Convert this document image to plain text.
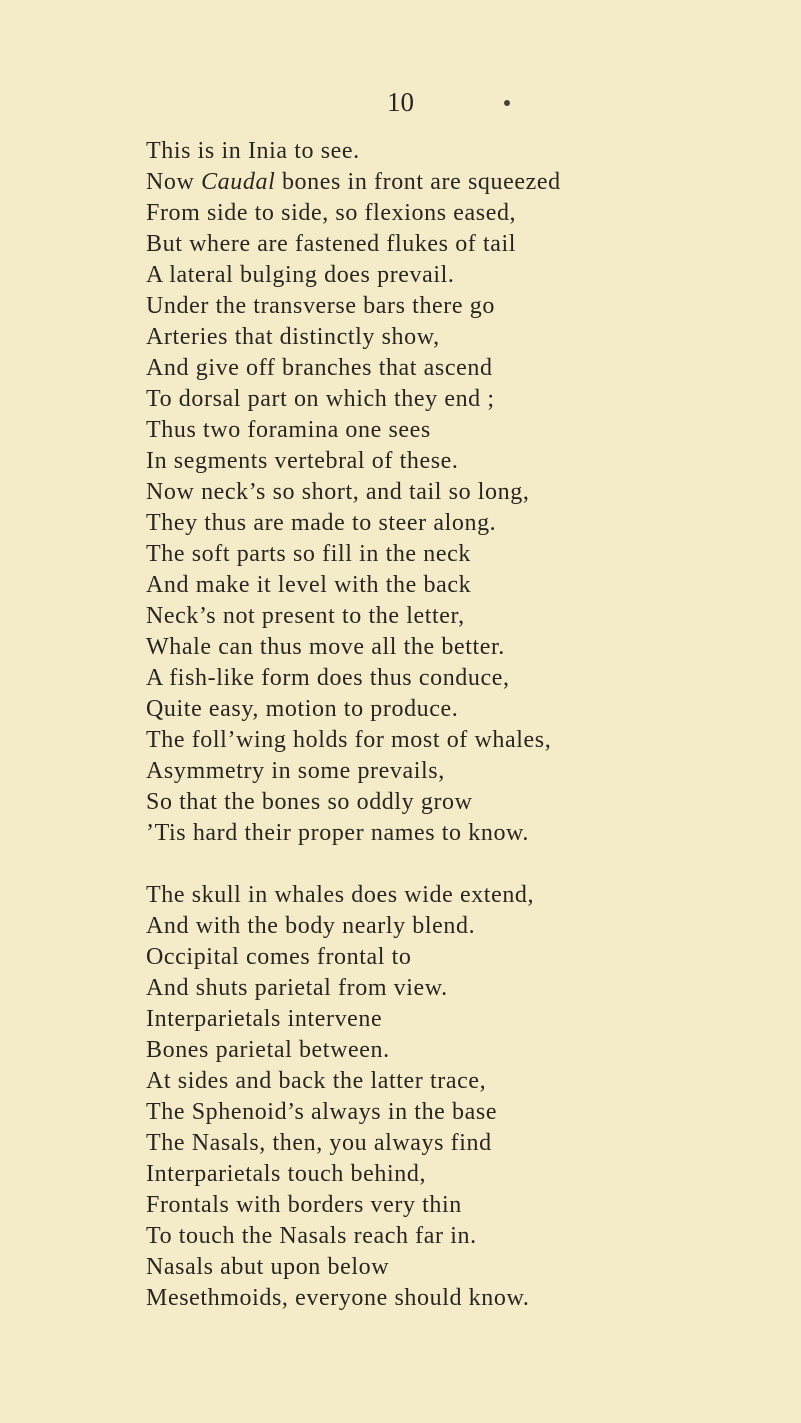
10
This is in Inia to see.
Now Caudal bones in front are squeezed
From side to side, so flexions eased,
But where are fastened flukes of tail
A lateral bulging does prevail.
Under the transverse bars there go
Arteries that distinctly show,
And give off branches that ascend
To dorsal part on which they end ;
Thus two foramina one sees
In segments vertebral of these.
Now neck’s so short, and tail so long,
They thus are made to steer along.
The soft parts so fill in the neck
And make it level with the back
Neck’s not present to the letter,
Whale can thus move all the better.
A fish-like form does thus conduce,
Quite easy, motion to produce.
The foll’wing holds for most of whales,
Asymmetry in some prevails,
So that the bones so oddly grow
’Tis hard their proper names to know.
The skull in whales does wide extend,
And with the body nearly blend.
Occipital comes frontal to
And shuts parietal from view.
Interparietals intervene
Bones parietal between.
At sides and back the latter trace,
The Sphenoid’s always in the base
The Nasals, then, you always find
Interparietals touch behind,
Frontals with borders very thin
To touch the Nasals reach far in.
Nasals abut upon below
Mesethmoids, everyone should know.
